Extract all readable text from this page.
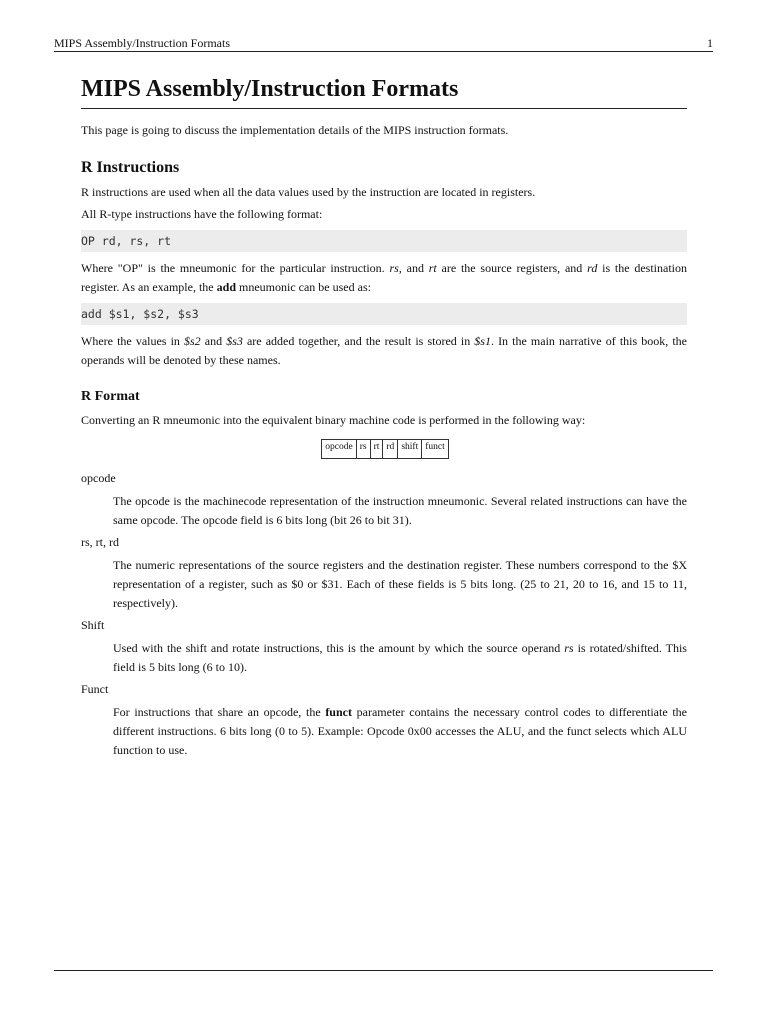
MIPS Assembly/Instruction Formats	1
MIPS Assembly/Instruction Formats

This page is going to discuss the implementation details of the MIPS instruction formats.

R Instructions

R instructions are used when all the data values used by the instruction are located in registers.

All R-type instructions have the following format:

OP rd, rs, rt

Where "OP" is the mneumonic for the particular instruction. rs, and rt are the source registers, and rd is the destination register. As an example, the add mneumonic can be used as:

add $s1, $s2, $s3

Where the values in $s2 and $s3 are added together, and the result is stored in $s1. In the main narrative of this book, the operands will be denoted by these names.

R Format

Converting an R mneumonic into the equivalent binary machine code is performed in the following way:

opcode	rs	rt	rd	shift	funct
opcode
The opcode is the machinecode representation of the instruction mneumonic. Several related instructions can have the same opcode. The opcode field is 6 bits long (bit 26 to bit 31).
rs, rt, rd
The numeric representations of the source registers and the destination register. These numbers correspond to the $X representation of a register, such as $0 or $31. Each of these fields is 5 bits long. (25 to 21, 20 to 16, and 15 to 11, respectively).
Shift
Used with the shift and rotate instructions, this is the amount by which the source operand rs is rotated/shifted. This field is 5 bits long (6 to 10).
Funct
For instructions that share an opcode, the funct parameter contains the necessary control codes to differentiate the different instructions. 6 bits long (0 to 5). Example: Opcode 0x00 accesses the ALU, and the funct selects which ALU function to use.
